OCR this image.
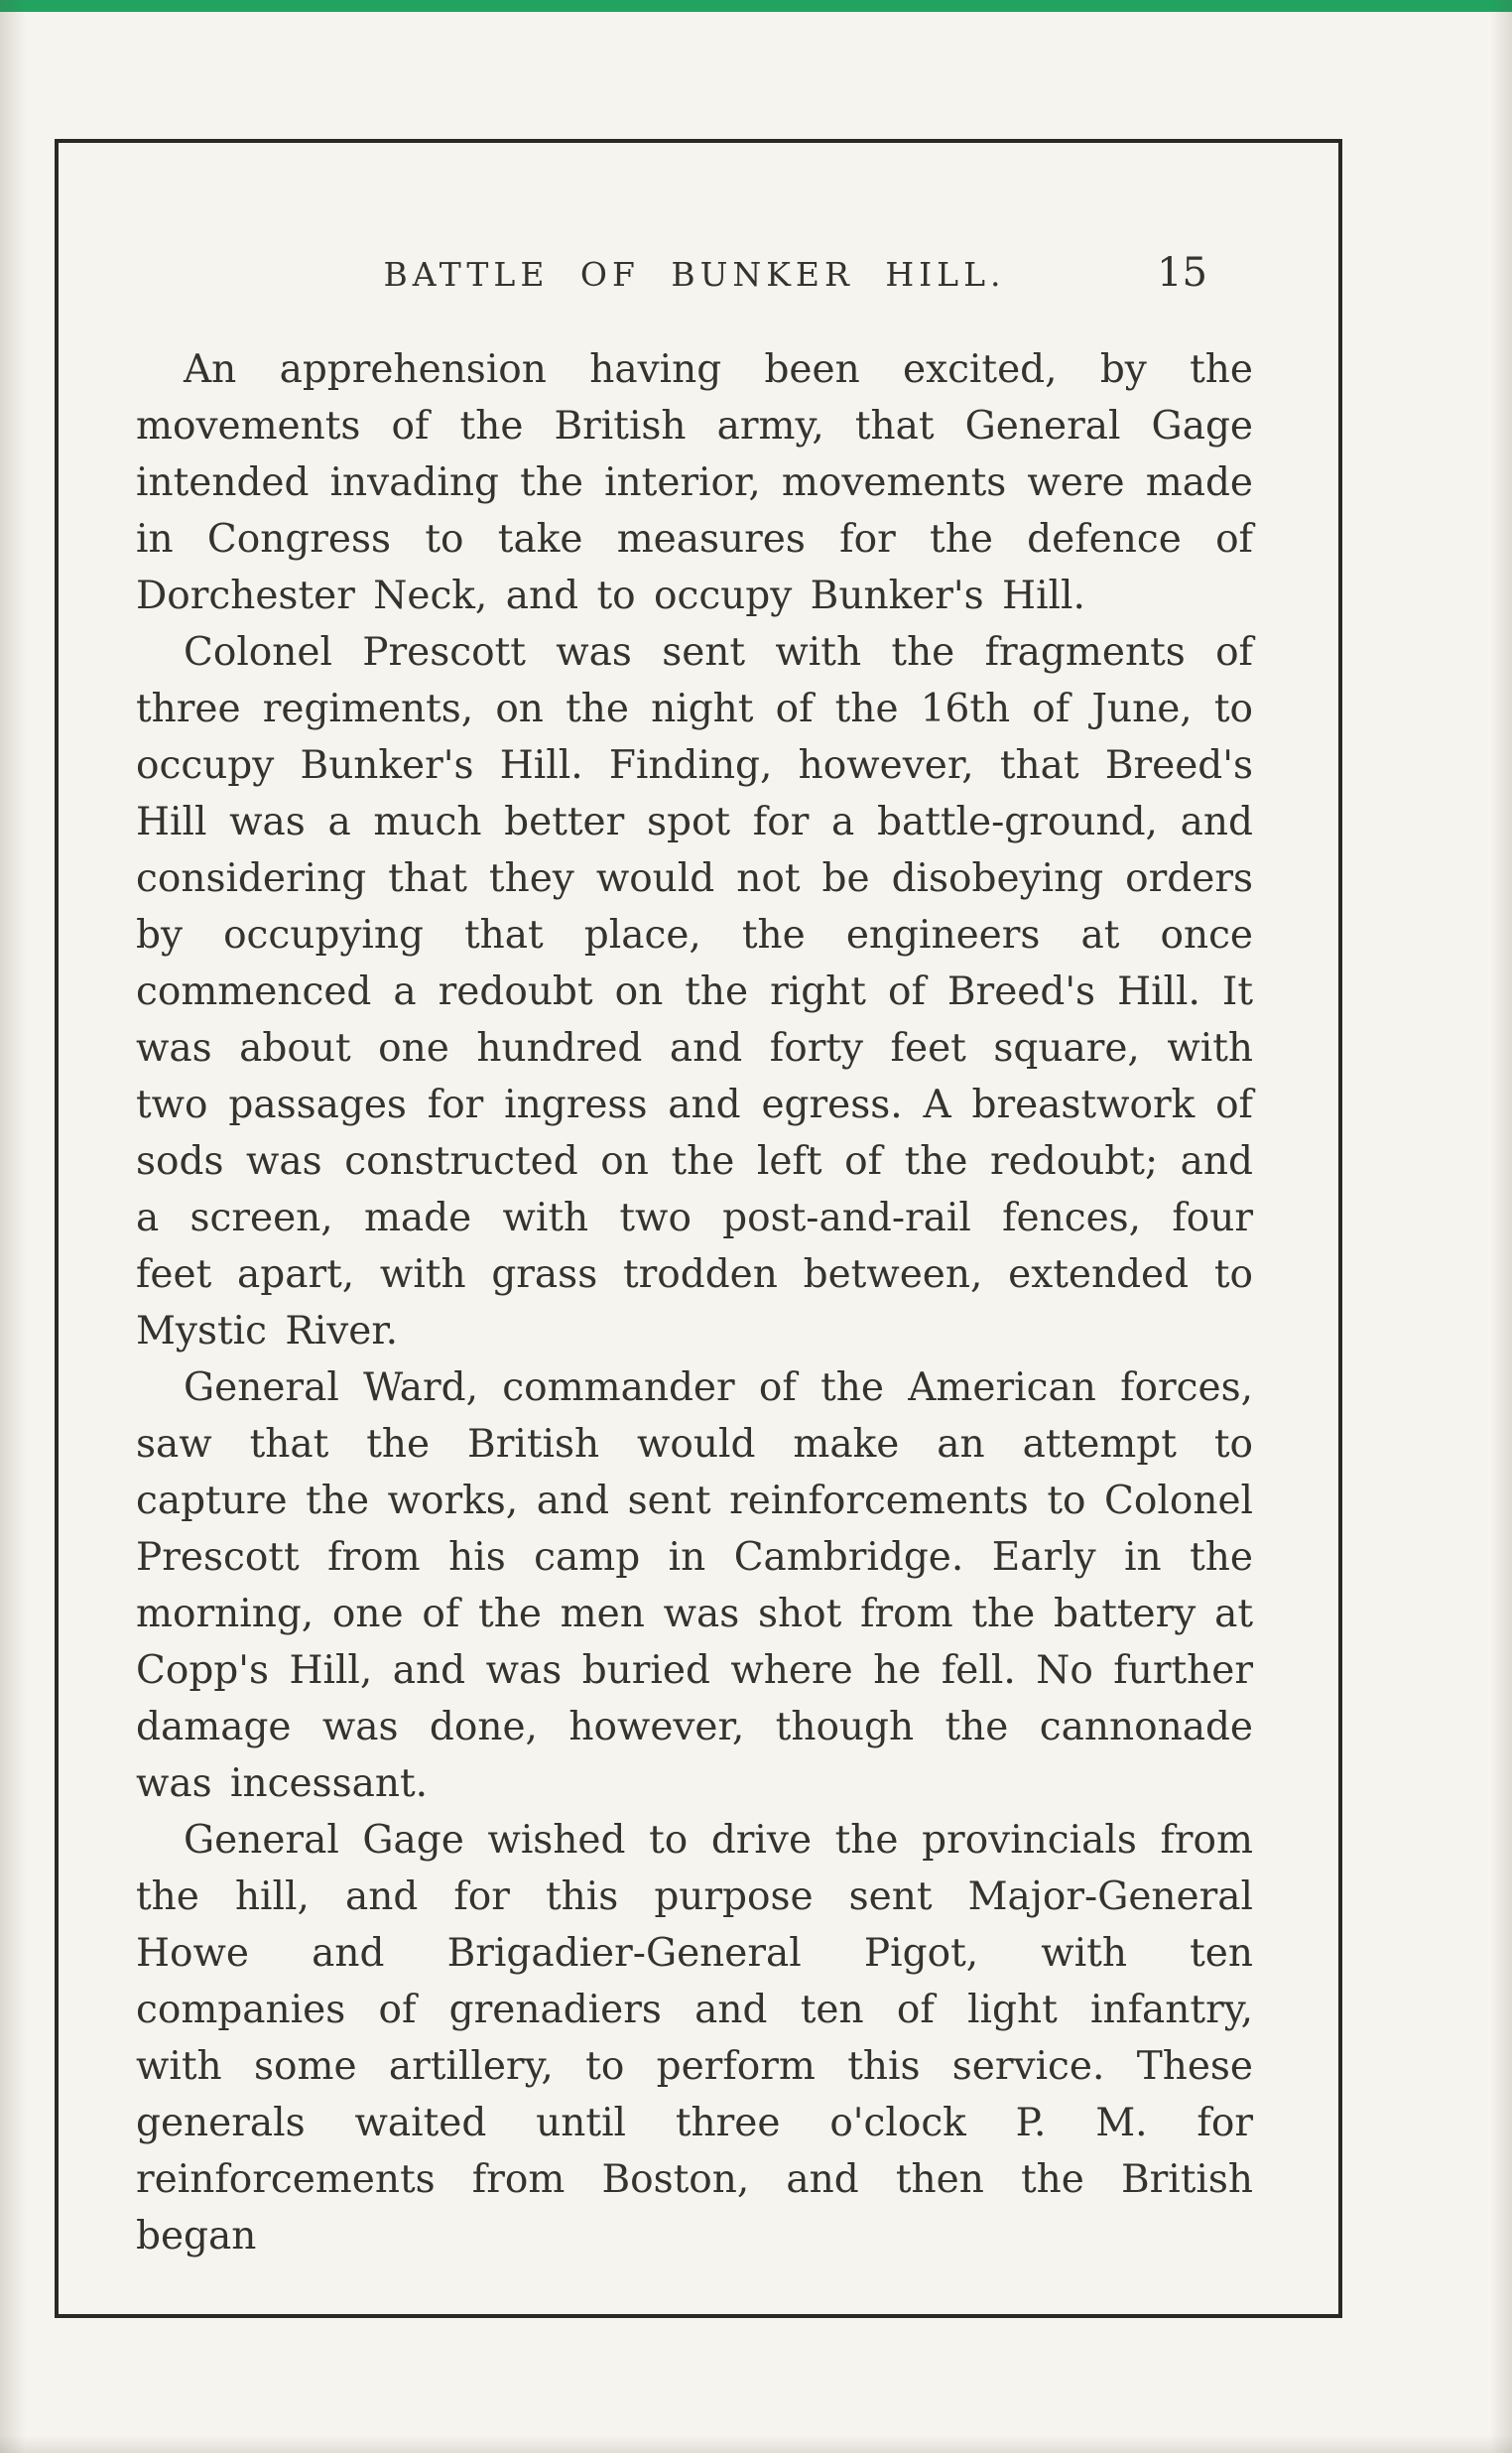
BATTLE OF BUNKER HILL.	15

An apprehension having been excited, by the movements of the British army, that General Gage intended invading the interior, movements were made in Congress to take measures for the defence of Dorchester Neck, and to occupy Bunker's Hill.

Colonel Prescott was sent with the fragments of three regiments, on the night of the 16th of June, to occupy Bunker's Hill. Finding, however, that Breed's Hill was a much better spot for a battle-ground, and considering that they would not be disobeying orders by occupying that place, the engineers at once commenced a redoubt on the right of Breed's Hill. It was about one hundred and forty feet square, with two passages for ingress and egress. A breastwork of sods was constructed on the left of the redoubt; and a screen, made with two post-and-rail fences, four feet apart, with grass trodden between, extended to Mystic River.

General Ward, commander of the American forces, saw that the British would make an attempt to capture the works, and sent reinforcements to Colonel Prescott from his camp in Cambridge. Early in the morning, one of the men was shot from the battery at Copp's Hill, and was buried where he fell. No further damage was done, however, though the cannonade was incessant.

General Gage wished to drive the provincials from the hill, and for this purpose sent Major-General Howe and Brigadier-General Pigot, with ten companies of grenadiers and ten of light infantry, with some artillery, to perform this service. These generals waited until three o'clock P. M. for reinforcements from Boston, and then the British began
